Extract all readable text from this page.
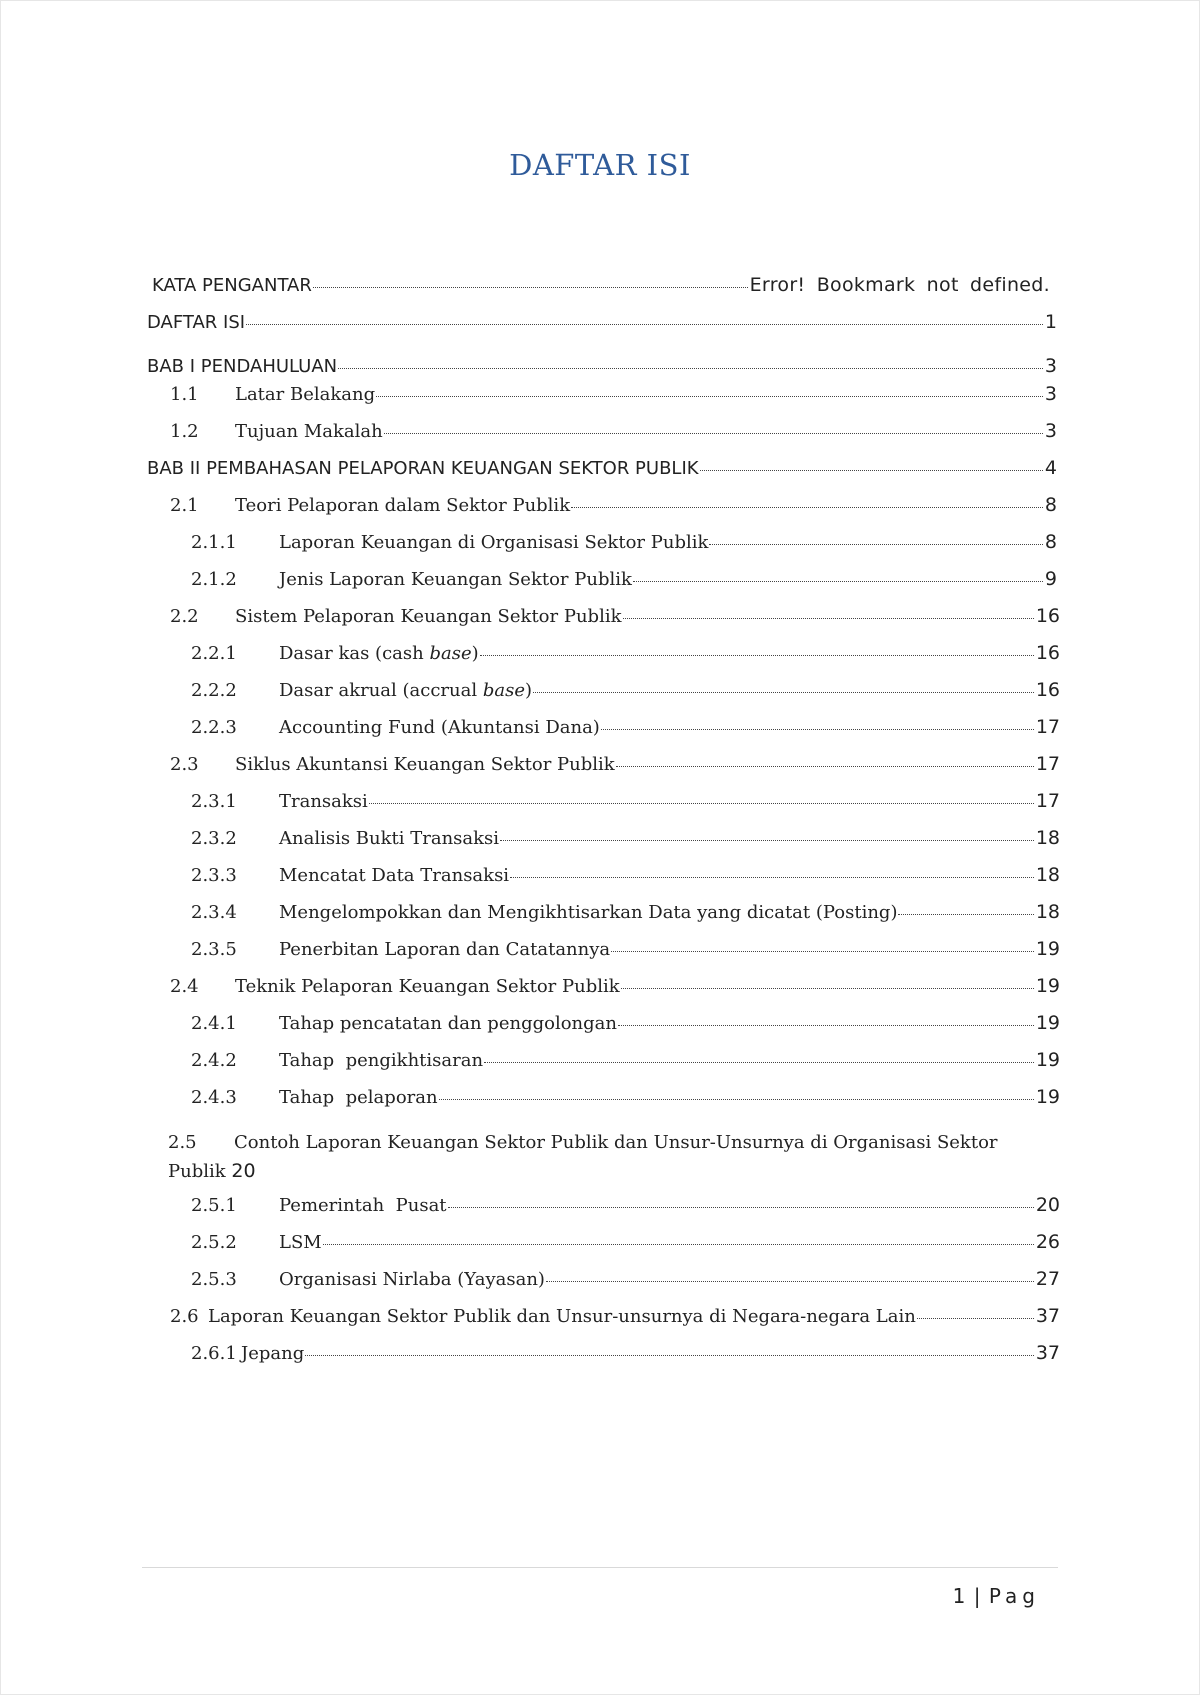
DAFTAR ISI
KATA PENGANTAR	Error! Bookmark not defined.
DAFTAR ISI	1
BAB I PENDAHULUAN	3
1.1	Latar Belakang	3
1.2	Tujuan Makalah	3
BAB II PEMBAHASAN PELAPORAN KEUANGAN SEKTOR PUBLIK	4
2.1	Teori Pelaporan dalam Sektor Publik	8
2.1.1	Laporan Keuangan di Organisasi Sektor Publik	8
2.1.2	Jenis Laporan Keuangan Sektor Publik	9
2.2	Sistem Pelaporan Keuangan Sektor Publik	16
2.2.1	Dasar kas (cash base)	16
2.2.2	Dasar akrual (accrual base)	16
2.2.3	Accounting Fund (Akuntansi Dana)	17
2.3	Siklus Akuntansi Keuangan Sektor Publik	17
2.3.1	Transaksi	17
2.3.2	Analisis Bukti Transaksi	18
2.3.3	Mencatat Data Transaksi	18
2.3.4	Mengelompokkan dan Mengikhtisarkan Data yang dicatat (Posting)	18
2.3.5	Penerbitan Laporan dan Catatannya	19
2.4	Teknik Pelaporan Keuangan Sektor Publik	19
2.4.1	Tahap pencatatan dan penggolongan	19
2.4.2	Tahap  pengikhtisaran	19
2.4.3	Tahap  pelaporan	19
2.5 Contoh Laporan Keuangan Sektor Publik dan Unsur-Unsurnya di Organisasi Sektor Publik 20
2.5.1	Pemerintah  Pusat	20
2.5.2	LSM	26
2.5.3	Organisasi Nirlaba (Yayasan)	27
2.6 Laporan Keuangan Sektor Publik dan Unsur-unsurnya di Negara-negara Lain	37
2.6.1 Jepang	37
1 | Pag
